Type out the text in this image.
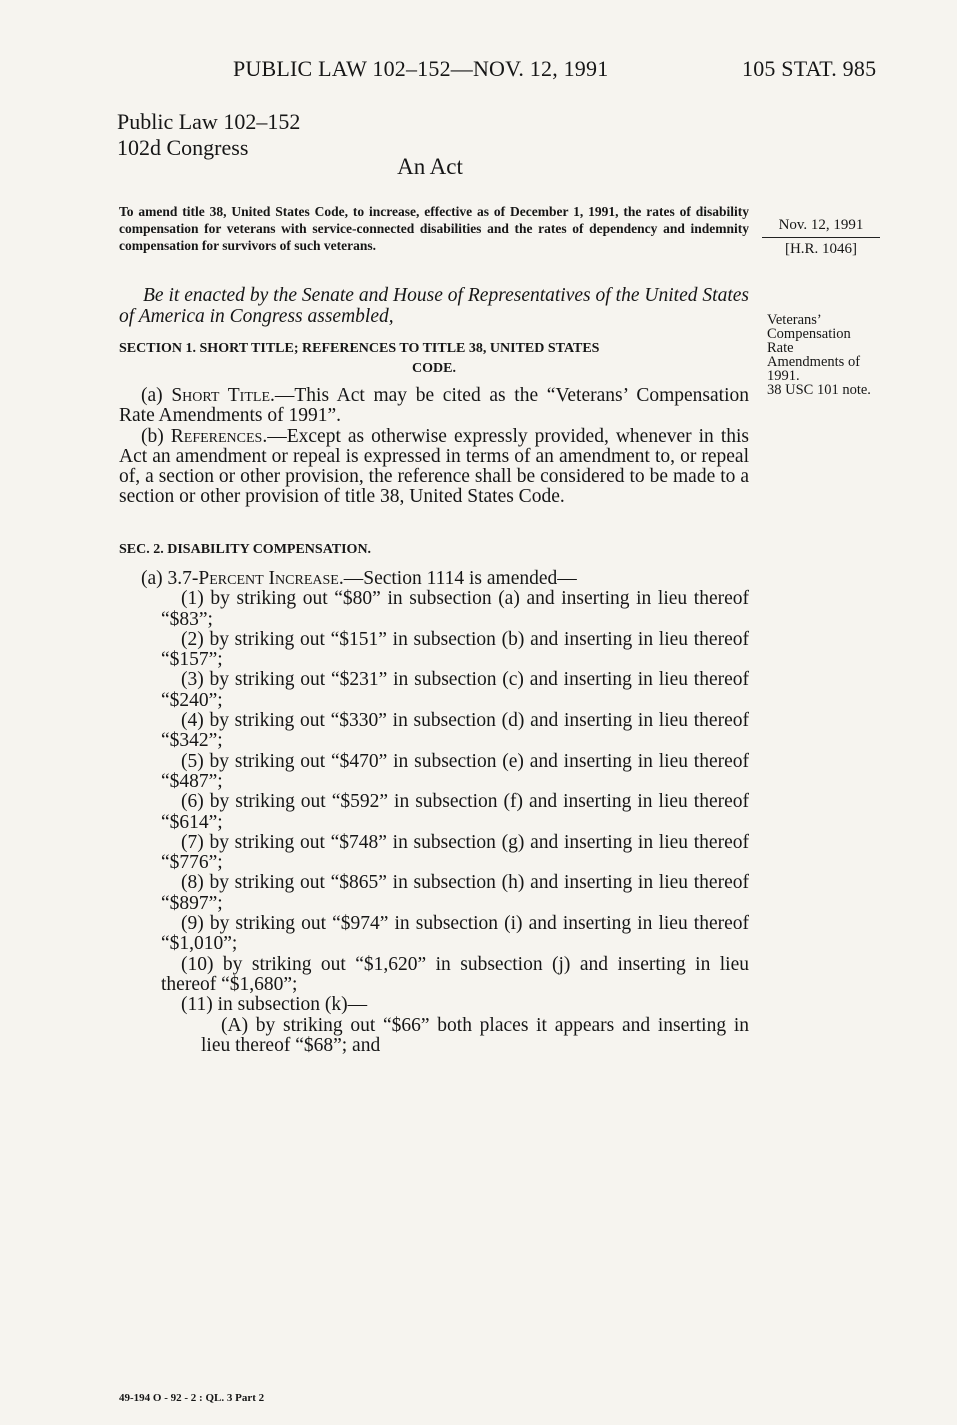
PUBLIC LAW 102–152—NOV. 12, 1991	105 STAT. 985
Public Law 102–152
102d Congress
An Act
To amend title 38, United States Code, to increase, effective as of December 1, 1991, the rates of disability compensation for veterans with service-connected disabilities and the rates of dependency and indemnity compensation for survivors of such veterans.
Nov. 12, 1991
[H.R. 1046]
Be it enacted by the Senate and House of Representatives of the United States of America in Congress assembled,	Veterans’
Compensation
Rate
Amendments of
1991.
38 USC 101 note.
SECTION 1. SHORT TITLE; REFERENCES TO TITLE 38, UNITED STATES
CODE.

(a) Short Title.—This Act may be cited as the “Veterans’ Compensation Rate Amendments of 1991”.

(b) References.—Except as otherwise expressly provided, whenever in this Act an amendment or repeal is expressed in terms of an amendment to, or repeal of, a section or other provision, the reference shall be considered to be made to a section or other provision of title 38, United States Code.

SEC. 2. DISABILITY COMPENSATION.

(a) 3.7-Percent Increase.—Section 1114 is amended—

(1) by striking out “$80” in subsection (a) and inserting in lieu thereof “$83”;

(2) by striking out “$151” in subsection (b) and inserting in lieu thereof “$157”;

(3) by striking out “$231” in subsection (c) and inserting in lieu thereof “$240”;

(4) by striking out “$330” in subsection (d) and inserting in lieu thereof “$342”;

(5) by striking out “$470” in subsection (e) and inserting in lieu thereof “$487”;

(6) by striking out “$592” in subsection (f) and inserting in lieu thereof “$614”;

(7) by striking out “$748” in subsection (g) and inserting in lieu thereof “$776”;

(8) by striking out “$865” in subsection (h) and inserting in lieu thereof “$897”;

(9) by striking out “$974” in subsection (i) and inserting in lieu thereof “$1,010”;

(10) by striking out “$1,620” in subsection (j) and inserting in lieu thereof “$1,680”;

(11) in subsection (k)—

(A) by striking out “$66” both places it appears and inserting in lieu thereof “$68”; and

49-194 O - 92 - 2 : QL. 3 Part 2
